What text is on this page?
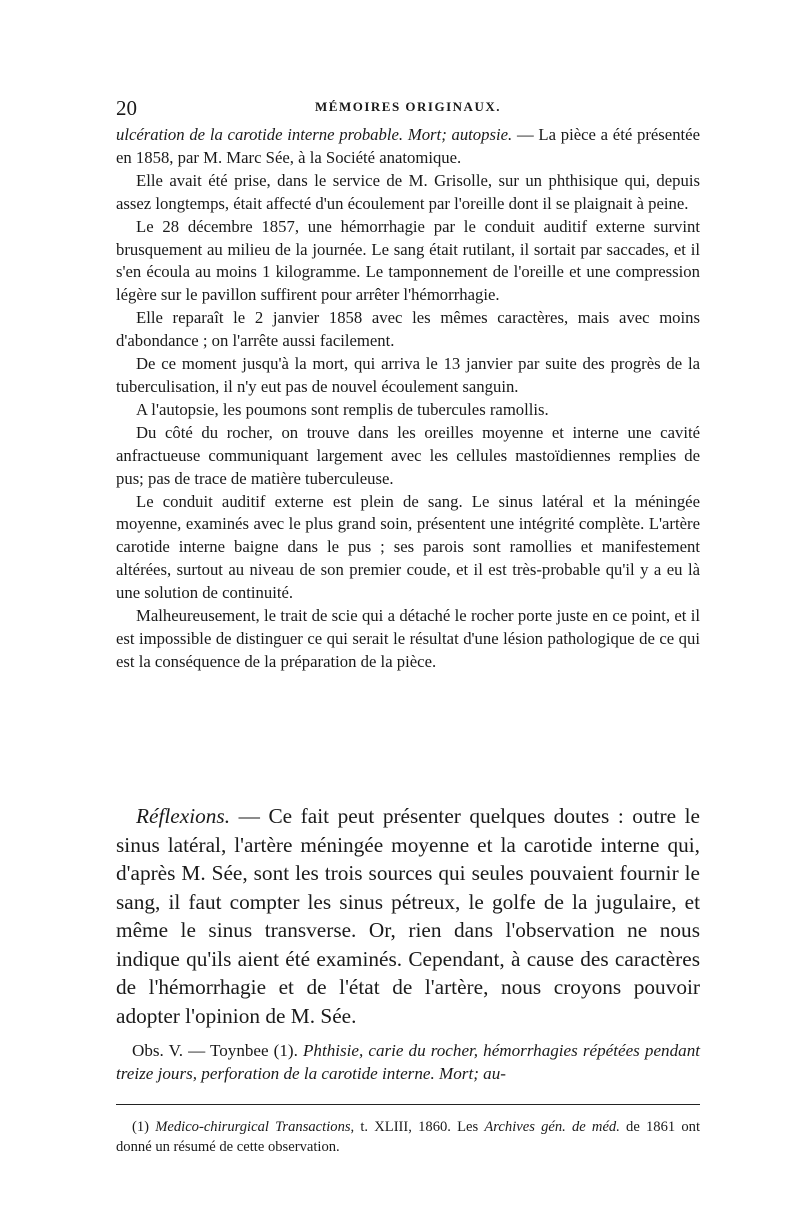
20	MÉMOIRES ORIGINAUX.

ulcération de la carotide interne probable. Mort; autopsie. — La pièce a été présentée en 1858, par M. Marc Sée, à la Société anatomique.

Elle avait été prise, dans le service de M. Grisolle, sur un phthisique qui, depuis assez longtemps, était affecté d'un écoulement par l'oreille dont il se plaignait à peine.

Le 28 décembre 1857, une hémorrhagie par le conduit auditif externe survint brusquement au milieu de la journée. Le sang était rutilant, il sortait par saccades, et il s'en écoula au moins 1 kilogramme. Le tamponnement de l'oreille et une compression légère sur le pavillon suffirent pour arrêter l'hémorrhagie.

Elle reparaît le 2 janvier 1858 avec les mêmes caractères, mais avec moins d'abondance ; on l'arrête aussi facilement.

De ce moment jusqu'à la mort, qui arriva le 13 janvier par suite des progrès de la tuberculisation, il n'y eut pas de nouvel écoulement sanguin.

A l'autopsie, les poumons sont remplis de tubercules ramollis.

Du côté du rocher, on trouve dans les oreilles moyenne et interne une cavité anfractueuse communiquant largement avec les cellules mastoïdiennes remplies de pus; pas de trace de matière tuberculeuse.

Le conduit auditif externe est plein de sang. Le sinus latéral et la méningée moyenne, examinés avec le plus grand soin, présentent une intégrité complète. L'artère carotide interne baigne dans le pus ; ses parois sont ramollies et manifestement altérées, surtout au niveau de son premier coude, et il est très-probable qu'il y a eu là une solution de continuité.

Malheureusement, le trait de scie qui a détaché le rocher porte juste en ce point, et il est impossible de distinguer ce qui serait le résultat d'une lésion pathologique de ce qui est la conséquence de la préparation de la pièce.

Réflexions. — Ce fait peut présenter quelques doutes : outre le sinus latéral, l'artère méningée moyenne et la carotide interne qui, d'après M. Sée, sont les trois sources qui seules pouvaient fournir le sang, il faut compter les sinus pétreux, le golfe de la jugulaire, et même le sinus transverse. Or, rien dans l'observation ne nous indique qu'ils aient été examinés. Cependant, à cause des caractères de l'hémorrhagie et de l'état de l'artère, nous croyons pouvoir adopter l'opinion de M. Sée.

Obs. V. — Toynbee (1). Phthisie, carie du rocher, hémorrhagies répétées pendant treize jours, perforation de la carotide interne. Mort; au-

(1) Medico-chirurgical Transactions, t. XLIII, 1860. Les Archives gén. de méd. de 1861 ont donné un résumé de cette observation.
